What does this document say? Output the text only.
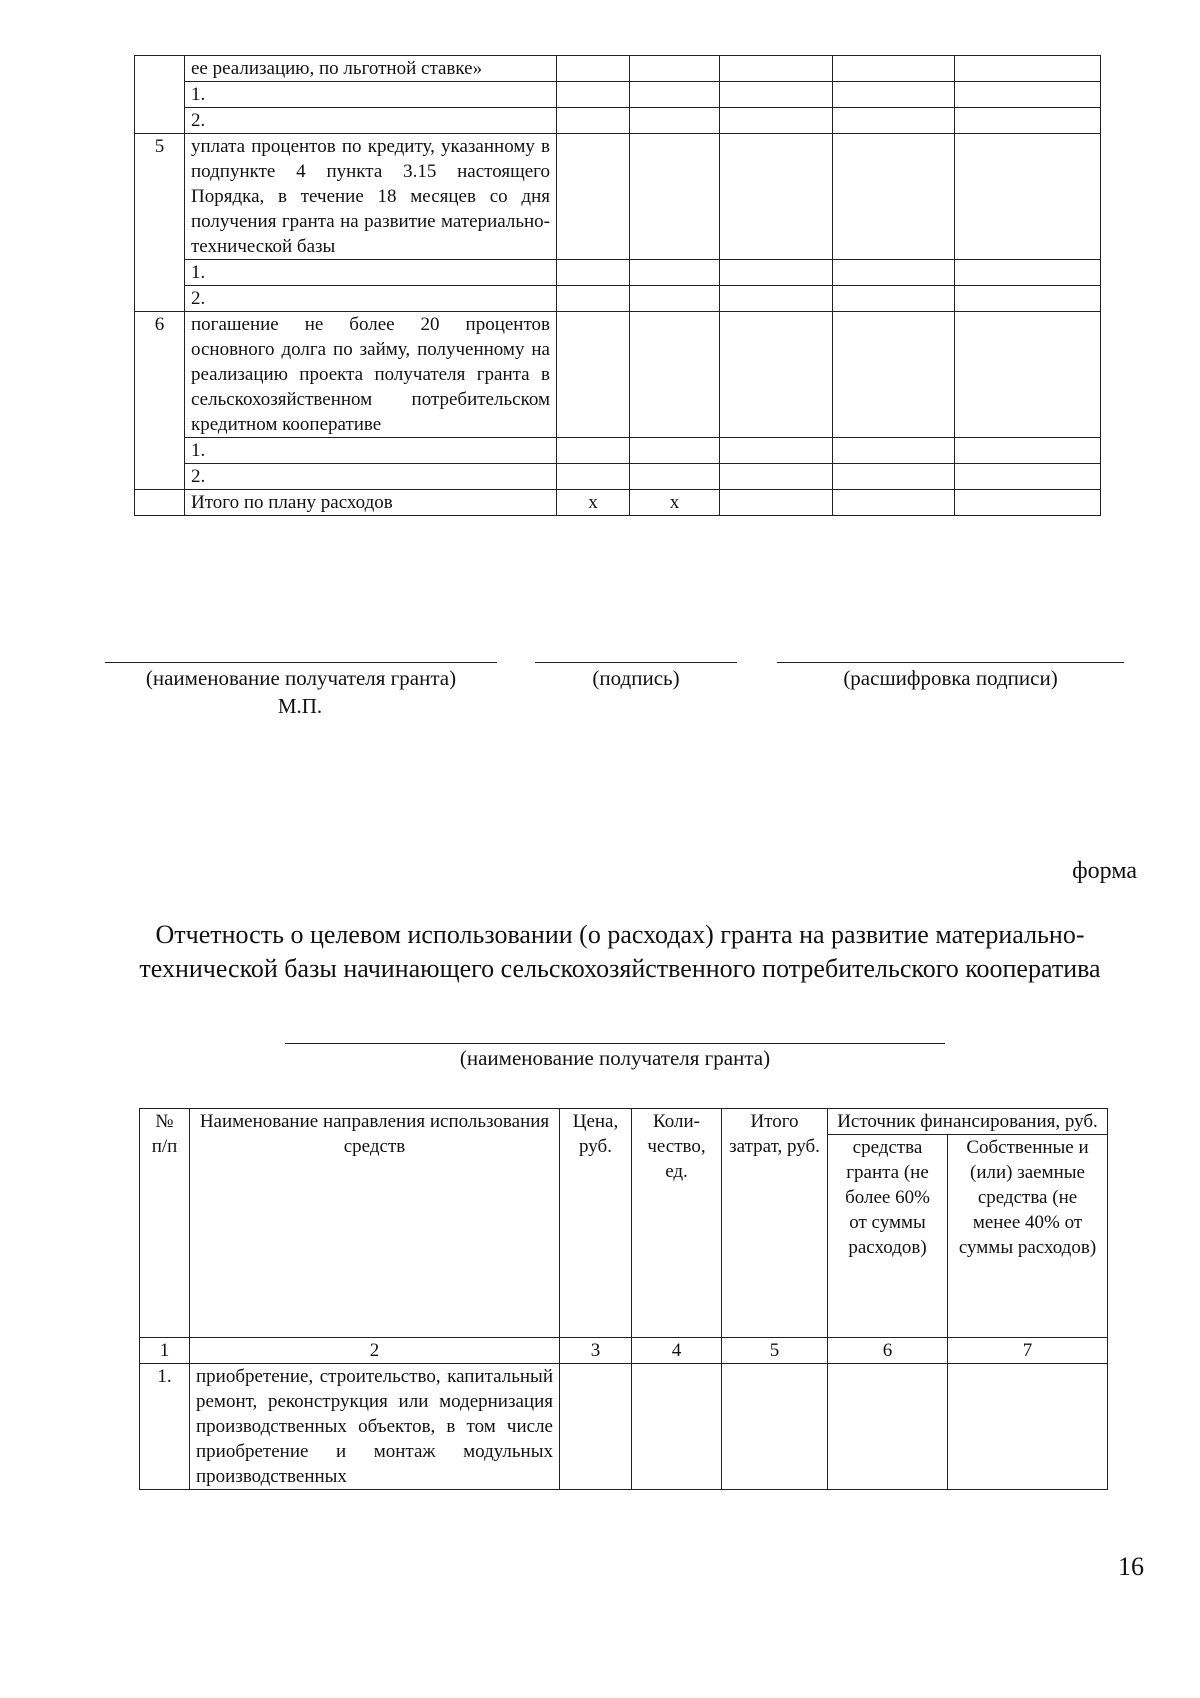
	ее реализацию, по льготной ставке»					
	1.					
	2.					
5	уплата процентов по кредиту, указанному в подпункте 4 пункта 3.15 настоящего Порядка, в течение 18 месяцев со дня получения гранта на развитие материально-технической базы					
	1.					
	2.					
6	погашение не более 20 процентов основного долга по займу, полученному на реализацию проекта получателя гранта в сельскохозяйственном потребительском кредитном кооперативе					
	1.					
	2.					
	Итого по плану расходов	x	x			
(наименование получателя гранта)	(подпись)	(расшифровка подписи)
М.П.
форма
Отчетность о целевом использовании (о расходах) гранта на развитие материально-технической базы начинающего сельскохозяйственного потребительского кооператива
(наименование получателя гранта)
№ п/п	Наименование направления использования средств	Цена, руб.	Коли-чество, ед.	Итого затрат, руб.	Источник финансирования, руб.	
					средства гранта (не более 60% от суммы расходов)	Собственные и (или) заемные средства (не менее 40% от суммы расходов)
1	2	3	4	5	6	7
1.	приобретение, строительство, капитальный ремонт, реконструкция или модернизация производственных объектов, в том числе приобретение и монтаж модульных производственных					
16
